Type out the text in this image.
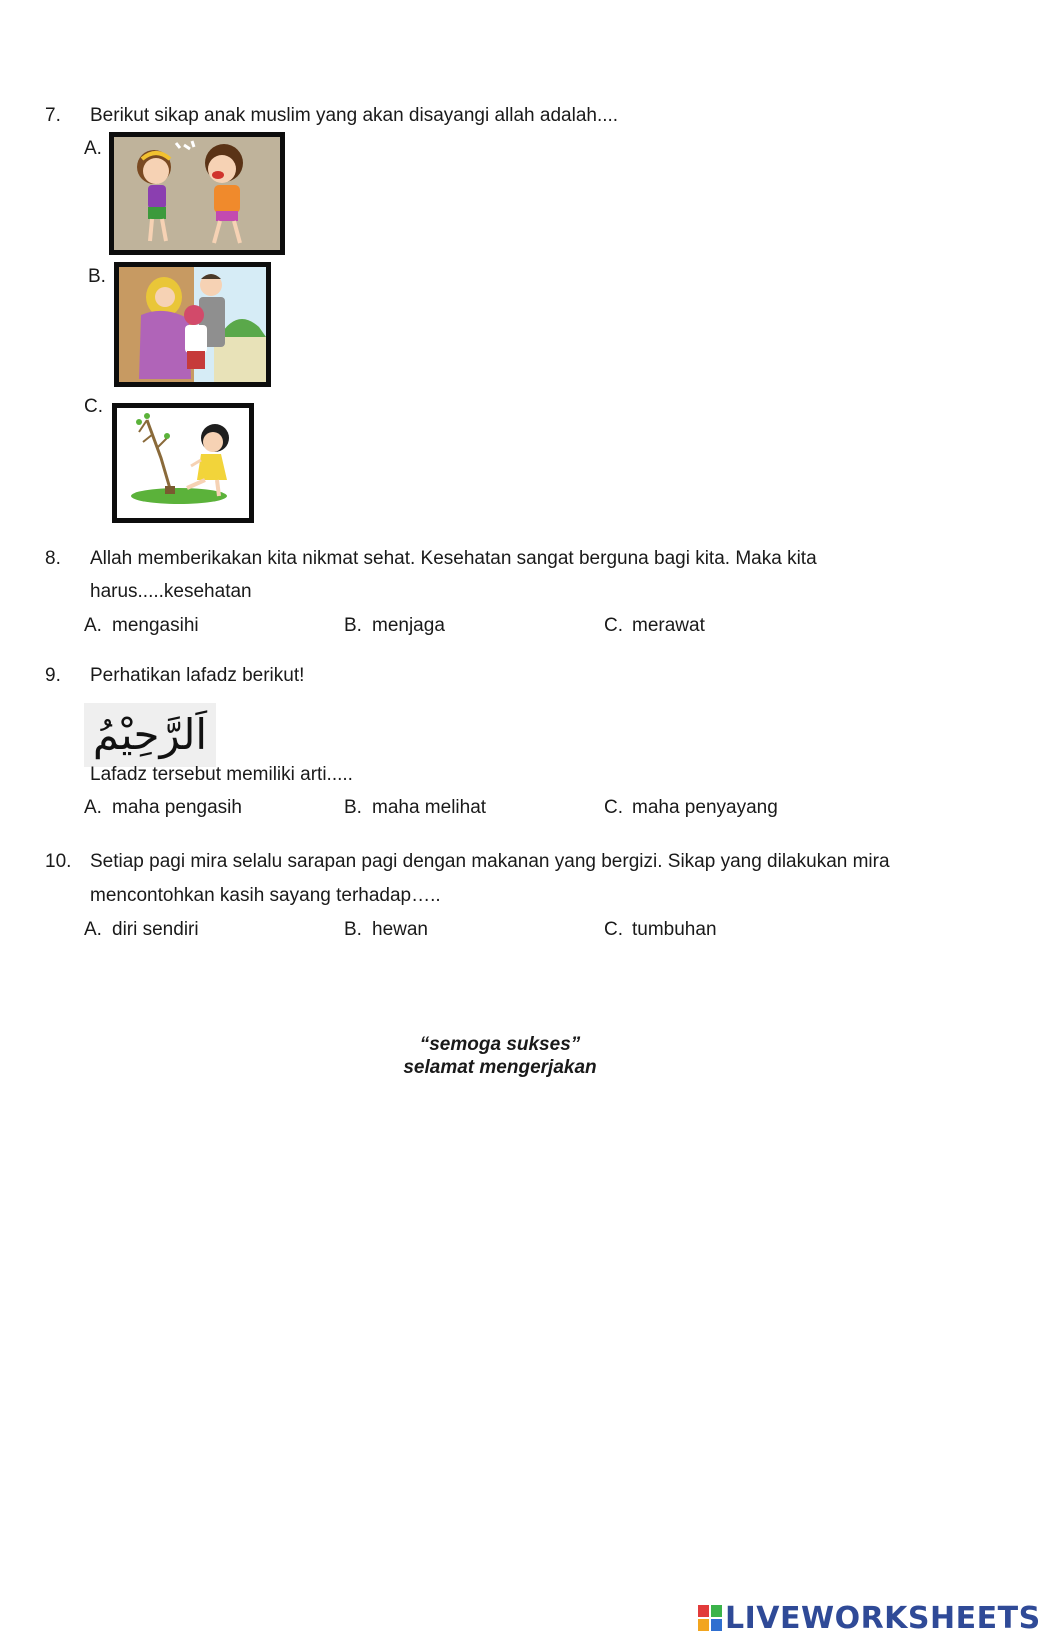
7. Berikut sikap anak muslim yang akan disayangi allah adalah....
A.
B.
C.
8. Allah memberikakan kita nikmat sehat. Kesehatan sangat berguna bagi kita. Maka kita
harus.....kesehatan
A. mengasihi	B. menjaga	C. merawat
9. Perhatikan lafadz berikut!
اَلرَّحِيْمُ
Lafadz tersebut memiliki arti.....
A. maha pengasih	B. maha melihat	C. maha penyayang
10. Setiap pagi mira selalu sarapan pagi dengan makanan yang bergizi. Sikap yang dilakukan mira
mencontohkan kasih sayang terhadap…..
A. diri sendiri	B. hewan	C. tumbuhan
“semoga sukses”
selamat mengerjakan
LIVEWORKSHEETS
